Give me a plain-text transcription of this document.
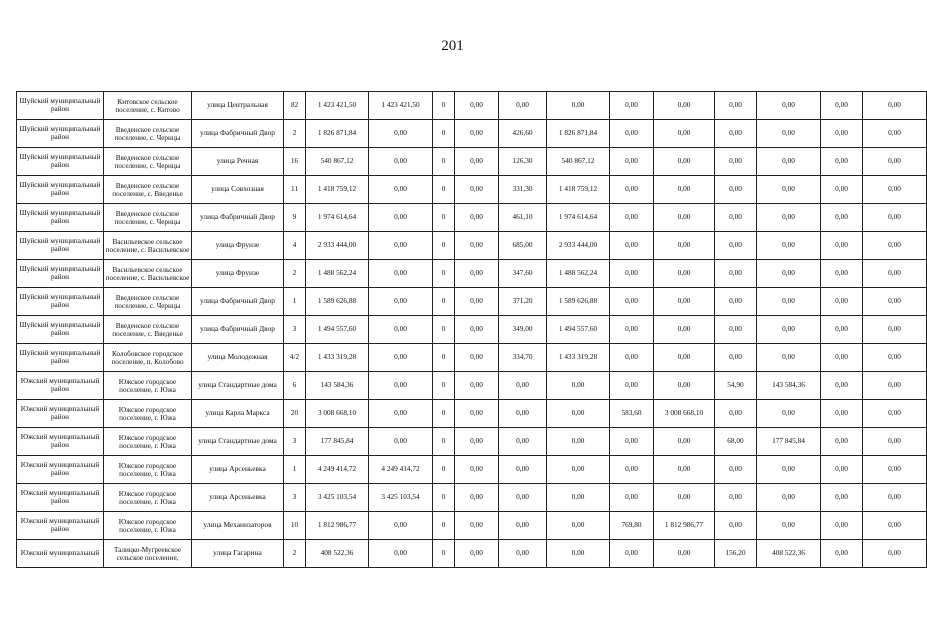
201
Шуйский муниципальный район	Китовское сельское поселение, с. Китово	улица Центральная	82	1 423 421,50	1 423 421,50	0	0,00	0,00	0,00	0,00	0,00	0,00	0,00	0,00	0,00
Шуйский муниципальный район	Введенское сельское поселение, с. Чернцы	улица Фабричный Двор	2	1 826 871,84	0,00	0	0,00	426,60	1 826 871,84	0,00	0,00	0,00	0,00	0,00	0,00
Шуйский муниципальный район	Введенское сельское поселение, с. Чернцы	улица Речная	16	540 867,12	0,00	0	0,00	126,30	540 867,12	0,00	0,00	0,00	0,00	0,00	0,00
Шуйский муниципальный район	Введенское сельское поселение, с. Введенье	улица Совхозная	11	1 418 759,12	0,00	0	0,00	331,30	1 418 759,12	0,00	0,00	0,00	0,00	0,00	0,00
Шуйский муниципальный район	Введенское сельское поселение, с. Чернцы	улица Фабричный Двор	9	1 974 614,64	0,00	0	0,00	461,10	1 974 614,64	0,00	0,00	0,00	0,00	0,00	0,00
Шуйский муниципальный район	Васильевское сельское поселение, с. Васильевское	улица Фрунзе	4	2 933 444,00	0,00	0	0,00	685,00	2 933 444,00	0,00	0,00	0,00	0,00	0,00	0,00
Шуйский муниципальный район	Васильевское сельское поселение, с. Васильевское	улица Фрунзе	2	1 488 562,24	0,00	0	0,00	347,60	1 488 562,24	0,00	0,00	0,00	0,00	0,00	0,00
Шуйский муниципальный район	Введенское сельское поселение, с. Чернцы	улица Фабричный Двор	1	1 589 626,88	0,00	0	0,00	371,20	1 589 626,88	0,00	0,00	0,00	0,00	0,00	0,00
Шуйский муниципальный район	Введенское сельское поселение, с. Введенье	улица Фабричный Двор	3	1 494 557,60	0,00	0	0,00	349,00	1 494 557,60	0,00	0,00	0,00	0,00	0,00	0,00
Шуйский муниципальный район	Колобовское городское поселение, п. Колобово	улица Молодежная	4/2	1 433 319,28	0,00	0	0,00	334,70	1 433 319,28	0,00	0,00	0,00	0,00	0,00	0,00
Южский муниципальный район	Южское городское поселение, г. Южа	улица Стандартные дома	6	143 584,36	0,00	0	0,00	0,00	0,00	0,00	0,00	54,90	143 584,36	0,00	0,00
Южский муниципальный район	Южское городское поселение, г. Южа	улица Карла Маркса	20	3 008 668,10	0,00	0	0,00	0,00	0,00	583,60	3 008 668,10	0,00	0,00	0,00	0,00
Южский муниципальный район	Южское городское поселение, г. Южа	улица Стандартные дома	3	177 845,84	0,00	0	0,00	0,00	0,00	0,00	0,00	68,00	177 845,84	0,00	0,00
Южский муниципальный район	Южское городское поселение, г. Южа	улица Арсеньевка	1	4 249 414,72	4 249 414,72	0	0,00	0,00	0,00	0,00	0,00	0,00	0,00	0,00	0,00
Южский муниципальный район	Южское городское поселение, г. Южа	улица Арсеньевка	3	3 425 103,54	3 425 103,54	0	0,00	0,00	0,00	0,00	0,00	0,00	0,00	0,00	0,00
Южский муниципальный район	Южское городское поселение, г. Южа	улица Механизаторов	10	1 812 986,77	0,00	0	0,00	0,00	0,00	769,80	1 812 986,77	0,00	0,00	0,00	0,00
Южский муниципальный	Талицко-Мугреевское сельское поселение,	улица Гагарина	2	408 522,36	0,00	0	0,00	0,00	0,00	0,00	0,00	156,20	408 522,36	0,00	0,00
